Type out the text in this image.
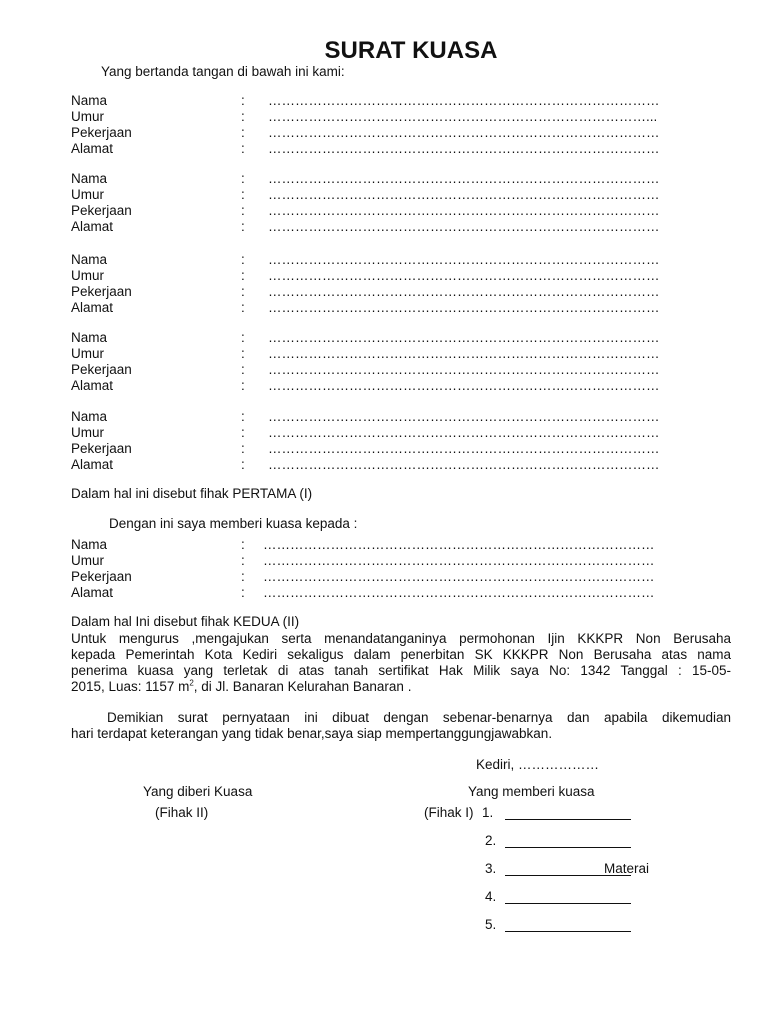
SURAT KUASA
Yang bertanda tangan di bawah ini kami:
Nama	: ……………………………………………………………………………
Umur	: …………………………………………………………………………...
Pekerjaan	: ……………………………………………………………………………
Alamat	: ……………………………………………………………………………
Nama	: ……………………………………………………………………………
Umur	: ……………………………………………………………………………
Pekerjaan	: ……………………………………………………………………………
Alamat	: ……………………………………………………………………………
Nama	: ……………………………………………………………………………
Umur	: ……………………………………………………………………………
Pekerjaan	: ……………………………………………………………………………
Alamat	: ……………………………………………………………………………
Nama	: ……………………………………………………………………………
Umur	: ……………………………………………………………………………
Pekerjaan	: ……………………………………………………………………………
Alamat	: ……………………………………………………………………………
Nama	: ……………………………………………………………………………
Umur	: ……………………………………………………………………………
Pekerjaan	: ……………………………………………………………………………
Alamat	: ……………………………………………………………………………
Dalam hal ini disebut fihak PERTAMA (I)
Dengan ini saya memberi kuasa kepada :
Nama	: ……………………………………………………………………………
Umur	: ……………………………………………………………………………
Pekerjaan	: ……………………………………………………………………………
Alamat	: ……………………………………………………………………………
Dalam hal Ini disebut fihak KEDUA (II)
Untuk mengurus ,mengajukan serta menandatanganinya permohonan Ijin KKKPR Non Berusaha
kepada Pemerintah Kota Kediri sekaligus dalam penerbitan SK KKKPR Non Berusaha atas nama
penerima kuasa yang terletak di atas tanah sertifikat Hak Milik saya No: 1342 Tanggal : 15-05-
2015, Luas: 1157 $m^2$, di Jl. Banaran Kelurahan Banaran .
Demikian surat pernyataan ini dibuat dengan sebenar-benarnya dan apabila dikemudian
hari terdapat keterangan yang tidak benar,saya siap mempertanggungjawabkan.
Kediri, ………………
Yang diberi Kuasa
(Fihak II)
Yang memberi kuasa
(Fihak I) 1.
2.
3.	Materai
4.
5.
